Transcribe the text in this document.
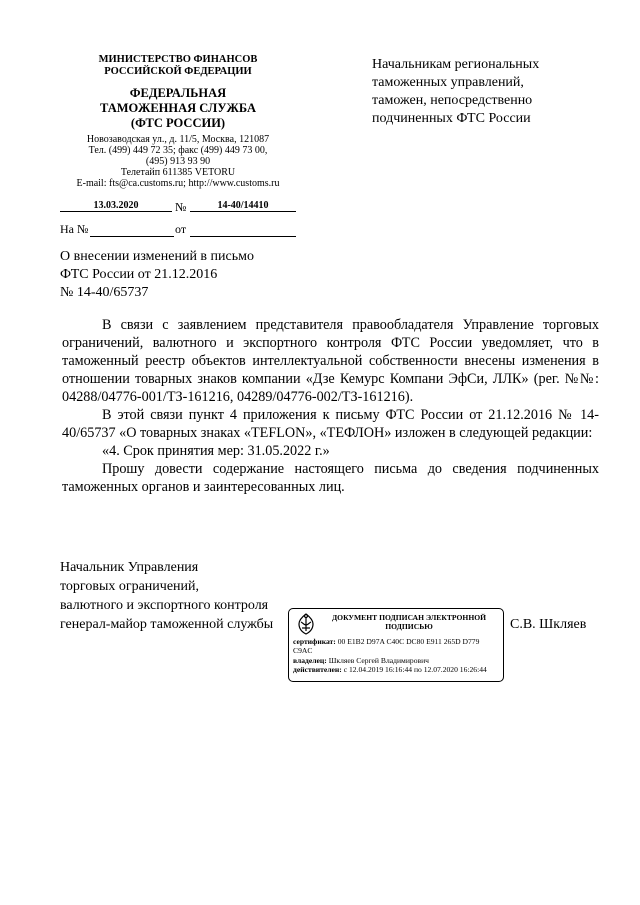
МИНИСТЕРСТВО ФИНАНСОВ
РОССИЙСКОЙ ФЕДЕРАЦИИ
ФЕДЕРАЛЬНАЯ
ТАМОЖЕННАЯ СЛУЖБА
(ФТС РОССИИ)
Новозаводская ул., д. 11/5, Москва, 121087
Тел. (499) 449 72 35; факс (499) 449 73 00,
(495) 913 93 90
Телетайп 611385 VETORU
E-mail: fts@ca.customs.ru; http://www.customs.ru
13.03.2020	№	14-40/14410
На №	от
Начальникам региональных
таможенных управлений,
таможен, непосредственно
подчиненных ФТС России
О внесении изменений в письмо
ФТС России от 21.12.2016
№ 14-40/65737
В связи с заявлением представителя правообладателя Управление торговых ограничений, валютного и экспортного контроля ФТС России уведомляет, что в таможенный реестр объектов интеллектуальной собственности внесены изменения в отношении товарных знаков компании «Дзе Кемурс Компани ЭфСи, ЛЛК» (рег. №№: 04288/04776-001/ТЗ-161216, 04289/04776-002/ТЗ-161216).
В этой связи пункт 4 приложения к письму ФТС России от 21.12.2016 № 14-40/65737 «О товарных знаках «TEFLON», «ТЕФЛОН» изложен в следующей редакции:
«4. Срок принятия мер: 31.05.2022 г.»
Прошу довести содержание настоящего письма до сведения подчиненных таможенных органов и заинтересованных лиц.
Начальник Управления
торговых ограничений,
валютного и экспортного контроля
генерал-майор таможенной службы	С.В. Шкляев
ДОКУМЕНТ ПОДПИСАН ЭЛЕКТРОННОЙ
ПОДПИСЬЮ
сертификат: 00 E1B2 D97A C40C DC80 E911 265D D779
C9AC
владелец: Шкляев Сергей Владимирович
действителен: с 12.04.2019 16:16:44 по 12.07.2020 16:26:44
